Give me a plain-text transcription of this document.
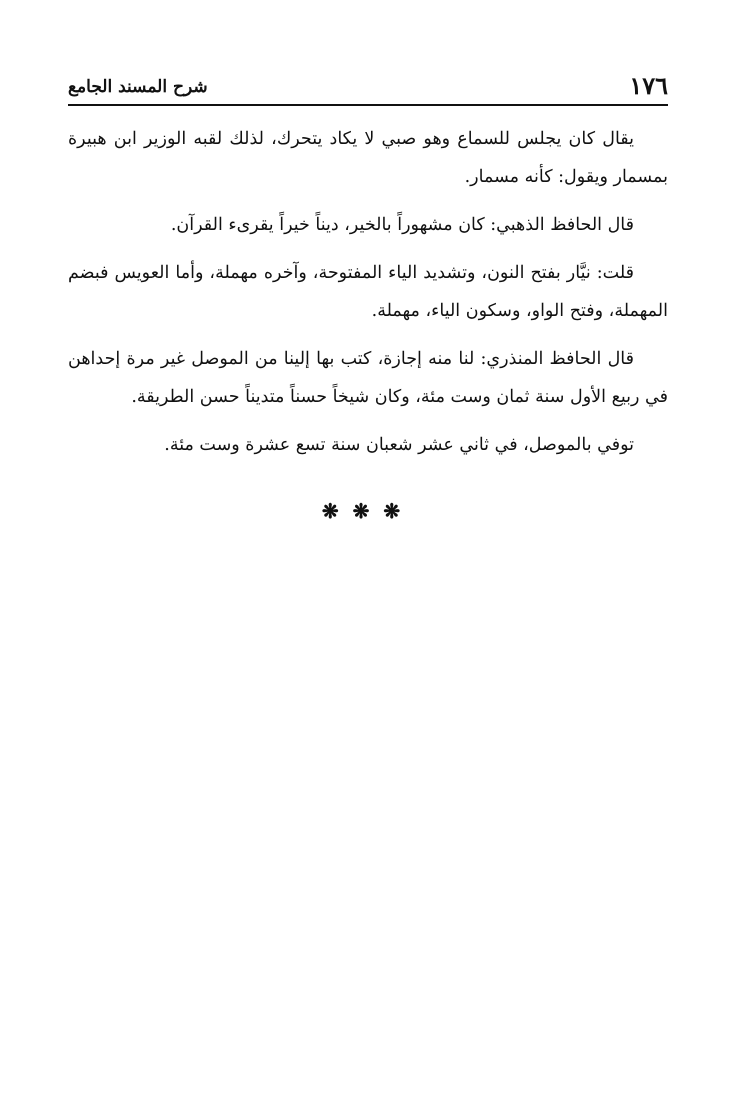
١٧٦
شرح المسند الجامع

يقال كان يجلس للسماع وهو صبي لا يكاد يتحرك، لذلك لقبه الوزير ابن هبيرة بمسمار ويقول: كأنه مسمار.

قال الحافظ الذهبي: كان مشهوراً بالخير، ديناً خيراً يقرىء القرآن.

قلت: نيَّار بفتح النون، وتشديد الياء المفتوحة، وآخره مهملة، وأما العويس فبضم المهملة، وفتح الواو، وسكون الياء، مهملة.

قال الحافظ المنذري: لنا منه إجازة، كتب بها إلينا من الموصل غير مرة إحداهن في ربيع الأول سنة ثمان وست مئة، وكان شيخاً حسناً متديناً حسن الطريقة.

توفي بالموصل، في ثاني عشر شعبان سنة تسع عشرة وست مئة.

❋❋❋
